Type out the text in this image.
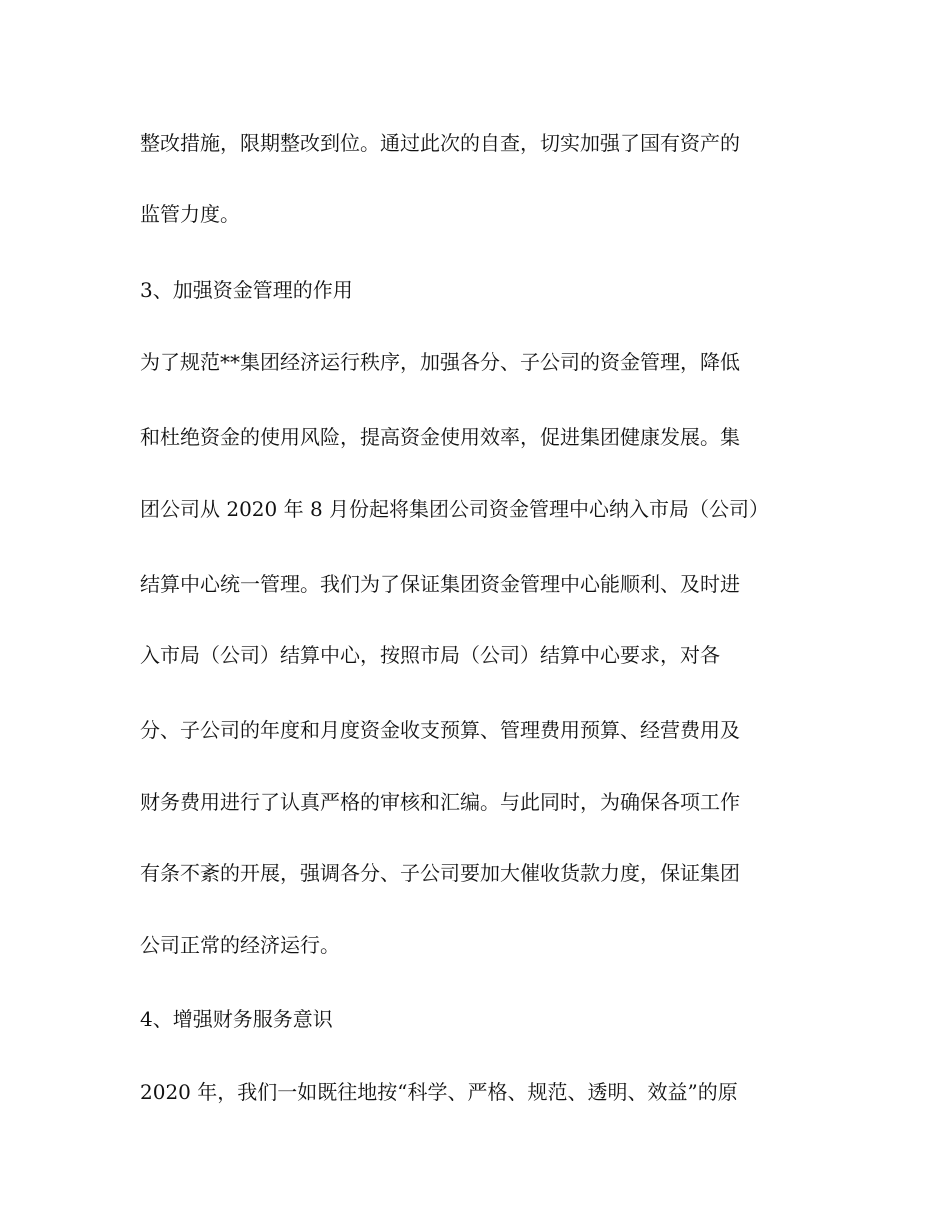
整改措施，限期整改到位。通过此次的自查，切实加强了国有资产的
监管力度。
3、加强资金管理的作用
为了规范**集团经济运行秩序，加强各分、子公司的资金管理，降低
和杜绝资金的使用风险，提高资金使用效率，促进集团健康发展。集
团公司从 2020 年 8 月份起将集团公司资金管理中心纳入市局（公司）
结算中心统一管理。我们为了保证集团资金管理中心能顺利、及时进
入市局（公司）结算中心，按照市局（公司）结算中心要求，对各
分、子公司的年度和月度资金收支预算、管理费用预算、经营费用及
财务费用进行了认真严格的审核和汇编。与此同时，为确保各项工作
有条不紊的开展，强调各分、子公司要加大催收货款力度，保证集团
公司正常的经济运行。
4、增强财务服务意识
2020 年，我们一如既往地按“科学、严格、规范、透明、效益”的原
